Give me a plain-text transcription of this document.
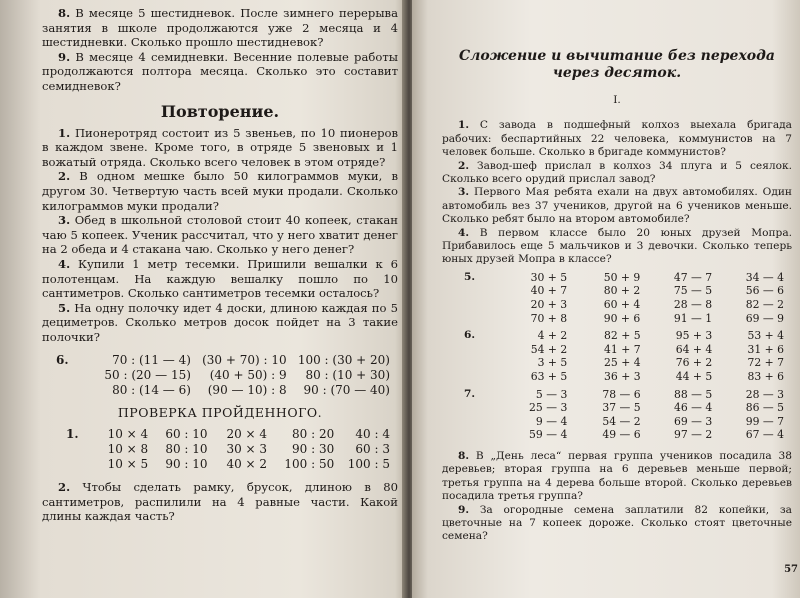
8. В месяце 5 шестидневок. После зимнего перерыва занятия в школе продолжаются уже 2 месяца и 4 шестидневки. Сколько прошло шестидневок?

9. В месяце 4 семидневки. Весенние полевые работы продолжаются полтора месяца. Сколько это составит семидневок?

Повторение.

1. Пионеротряд состоит из 5 звеньев, по 10 пионеров в каждом звене. Кроме того, в отряде 5 звеновых и 1 вожатый отряда. Сколько всего человек в этом отряде?

2. В одном мешке было 50 килограммов муки, в другом 30. Четвертую часть всей муки продали. Сколько килограммов муки продали?

3. Обед в школьной столовой стоит 40 копеек, стакан чаю 5 копеек. Ученик рассчитал, что у него хватит денег на 2 обеда и 4 стакана чаю. Сколько у него денег?

4. Купили 1 метр тесемки. Пришили вешалки к 6 полотенцам. На каждую вешалку пошло по 10 сантиметров. Сколько сантиметров тесемки осталось?

5. На одну полочку идет 4 доски, длиною каждая по 5 дециметров. Сколько метров досок пойдет на 3 такие полочки?

6.	70 : (11 — 4)	(30 + 70) : 10	100 : (30 + 20)
50 : (20 — 15)	(40 + 50) : 9	80 : (10 + 30)
80 : (14 — 6)	(90 — 10) : 8	90 : (70 — 40)
ПРОВЕРКА ПРОЙДЕННОГО.
1.	10 × 4	60 : 10	20 × 4	80 : 20	40 : 4
10 × 8	80 : 10	30 × 3	90 : 30	60 : 3
10 × 5	90 : 10	40 × 2	100 : 50	100 : 5

2. Чтобы сделать рамку, брусок, длиною в 80 сантиметров, распилили на 4 равные части. Какой длины каждая часть?

Сложение и вычитание без перехода через десяток.
I.

1. С завода в подшефный колхоз выехала бригада рабочих: беспартийных 22 человека, коммунистов на 7 человек больше. Сколько в бригаде коммунистов?

2. Завод-шеф прислал в колхоз 34 плуга и 5 сеялок. Сколько всего орудий прислал завод?

3. Первого Мая ребята ехали на двух автомобилях. Один автомобиль вез 37 учеников, другой на 6 учеников меньше. Сколько ребят было на втором автомобиле?

4. В первом классе было 20 юных друзей Мопра. Прибавилось еще 5 мальчиков и 3 девочки. Сколько теперь юных друзей Мопра в классе?

5.	30 + 5	50 + 9	47 — 7	34 — 4
40 + 7	80 + 2	75 — 5	56 — 6
20 + 3	60 + 4	28 — 8	82 — 2
70 + 8	90 + 6	91 — 1	69 — 9
6.	4 + 2	82 + 5	95 + 3	53 + 4
54 + 2	41 + 7	64 + 4	31 + 6
3 + 5	25 + 4	76 + 2	72 + 7
63 + 5	36 + 3	44 + 5	83 + 6
7.	5 — 3	78 — 6	88 — 5	28 — 3
25 — 3	37 — 5	46 — 4	86 — 5
9 — 4	54 — 2	69 — 3	99 — 7
59 — 4	49 — 6	97 — 2	67 — 4

8. В „День леса“ первая группа учеников посадила 38 деревьев; вторая группа на 6 деревьев меньше первой; третья группа на 4 дерева больше второй. Сколько деревьев посадила третья группа?

9. За огородные семена заплатили 82 копейки, за цветочные на 7 копеек дороже. Сколько стоят цветочные семена?

57
